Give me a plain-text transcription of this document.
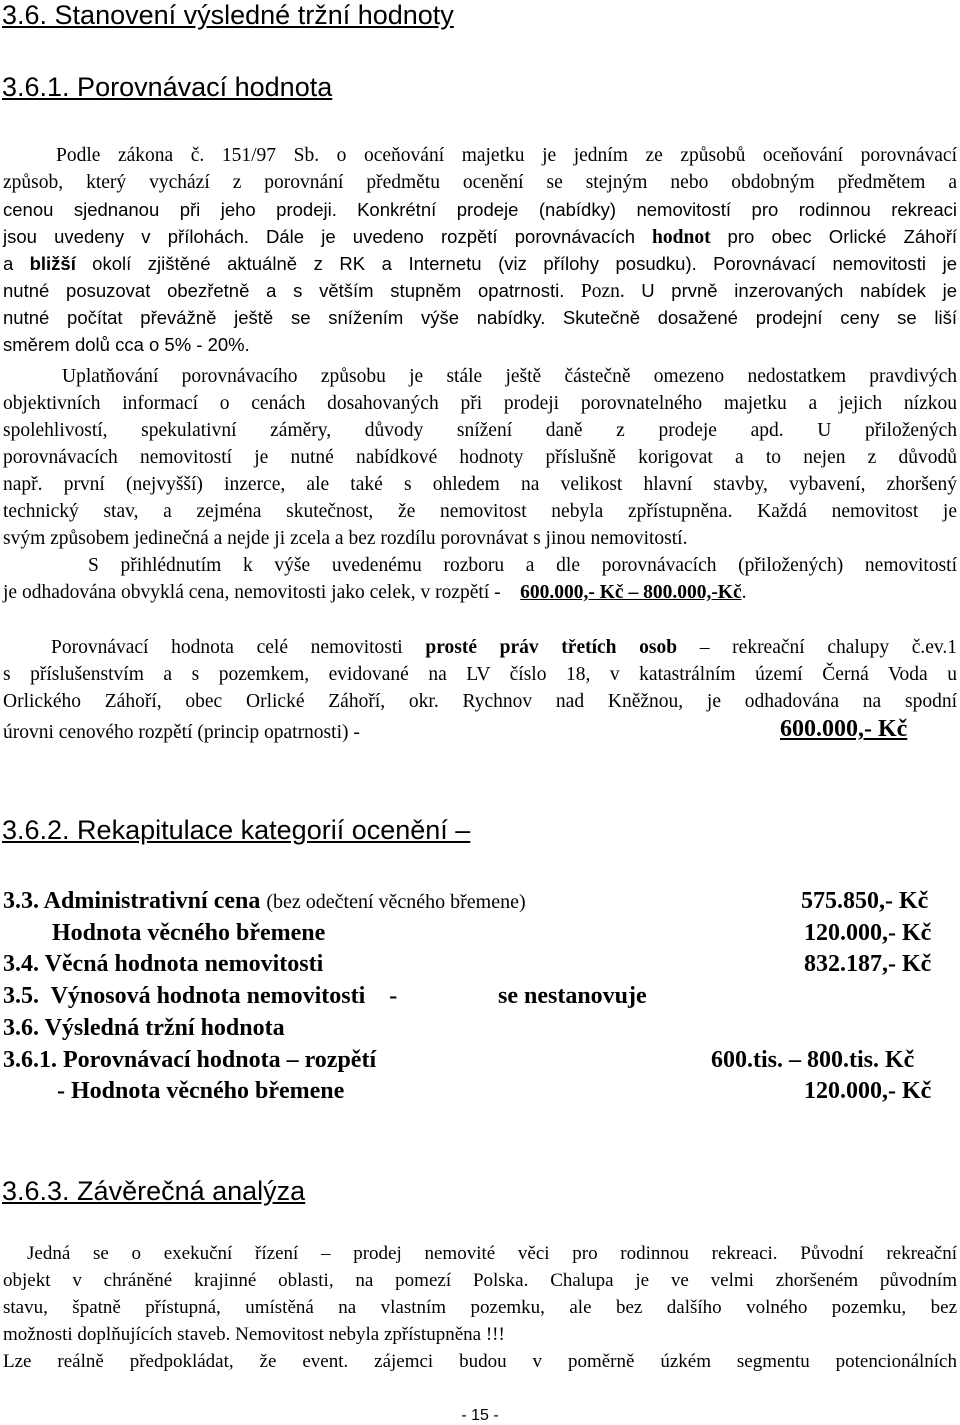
3.6. Stanovení výsledné tržní hodnoty
3.6.1. Porovnávací hodnota
Podle zákona č. 151/97 Sb. o oceňování majetku je jedním ze způsobů oceňování porovnávací
způsob, který vychází z porovnání předmětu ocenění se stejným nebo obdobným předmětem a
cenou sjednanou při jeho prodeji. Konkrétní prodeje (nabídky) nemovitostí pro rodinnou rekreaci
jsou uvedeny v přílohách. Dále je uvedeno rozpětí porovnávacích hodnot pro obec Orlické Záhoří
a bližší okolí zjištěné aktuálně z RK a Internetu (viz přílohy posudku). Porovnávací nemovitosti je
nutné posuzovat obezřetně a s větším stupněm opatrnosti. Pozn. U prvně inzerovaných nabídek je
nutné počítat převážně ještě se snížením výše nabídky. Skutečně dosažené prodejní ceny se liší
směrem dolů cca o 5% - 20%.
Uplatňování porovnávacího způsobu je stále ještě částečně omezeno nedostatkem pravdivých
objektivních informací o cenách dosahovaných při prodeji porovnatelného majetku a jejich nízkou
spolehlivostí, spekulativní záměry, důvody snížení daně z prodeje apd. U přiložených
porovnávacích nemovitostí je nutné nabídkové hodnoty příslušně korigovat a to nejen z důvodů
např. první (nejvyšší) inzerce, ale také s ohledem na velikost hlavní stavby, vybavení, zhoršený
technický stav, a zejména skutečnost, že nemovitost nebyla zpřístupněna. Každá nemovitost je
svým způsobem jedinečná a nejde ji zcela a bez rozdílu porovnávat s jinou nemovitostí.
S přihlédnutím k výše uvedenému rozboru a dle porovnávacích (přiložených) nemovitostí
je odhadována obvyklá cena, nemovitosti jako celek, v rozpětí - 600.000,- Kč – 800.000,-Kč.
Porovnávací hodnota celé nemovitosti prosté práv třetích osob – rekreační chalupy č.ev.1
s příslušenstvím a s pozemkem, evidované na LV číslo 18, v katastrálním území Černá Voda u
Orlického Záhoří, obec Orlické Záhoří, okr. Rychnov nad Kněžnou, je odhadována na spodní
úrovni cenového rozpětí (princip opatrnosti) -	600.000,- Kč
3.6.2. Rekapitulace kategorií ocenění –
3.3. Administrativní cena (bez odečtení věcného břemene)	575.850,- Kč
Hodnota věcného břemene	120.000,- Kč
3.4. Věcná hodnota nemovitosti	832.187,- Kč
3.5.  Výnosová hodnota nemovitosti    -	se nestanovuje
3.6. Výsledná tržní hodnota
3.6.1. Porovnávací hodnota – rozpětí	600.tis. – 800.tis. Kč
- Hodnota věcného břemene	120.000,- Kč
3.6.3. Závěrečná analýza
Jedná se o exekuční řízení – prodej nemovité věci pro rodinnou rekreaci. Původní rekreační
objekt v chráněné krajinné oblasti, na pomezí Polska. Chalupa je ve velmi zhoršeném původním
stavu, špatně přístupná, umístěná na vlastním pozemku, ale bez dalšího volného pozemku, bez
možnosti doplňujících staveb. Nemovitost nebyla zpřístupněna !!!
Lze reálně předpokládat, že event. zájemci budou v poměrně úzkém segmentu potencionálních
- 15 -
